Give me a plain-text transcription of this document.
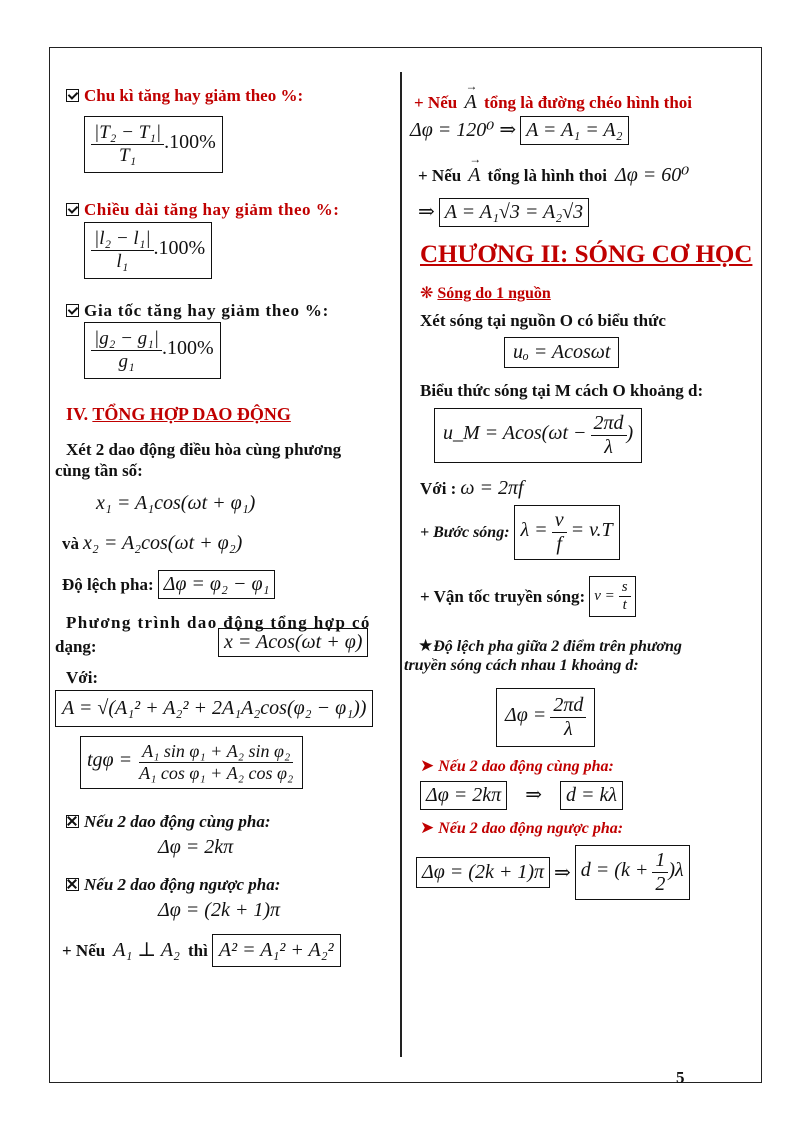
Chu kì tăng hay giảm theo %:
$\frac{\text{|T₂ − T₁|}}{\text{T₁}} .100\%$
Chiều dài tăng hay giảm theo %:
$\frac{\text{|l₂ − l₁|}}{\text{l₁}} .100\%$
Gia tốc tăng hay giảm theo %:
$\frac{\text{|g₂ − g₁|}}{\text{g₁}} .100\%$
IV. TỔNG HỢP DAO ĐỘNG
Xét 2 dao động điều hòa cùng phương
cùng tần số:
x₁ = A₁cos(ωt + φ₁)
và x₂ = A₂cos(ωt + φ₂)
Độ lệch pha: Δφ = φ₂ − φ₁
Phương trình dao động tổng hợp có
dạng:	x = Acos(ωt + φ)
Với:
A = √(A₁² + A₂² + 2A₁A₂cos(φ₂ − φ₁))
$tg\varphi = \frac{\text{A₁ sin φ₁ + A₂ sin φ₂}}{\text{A₁ cos φ₁ + A₂ cos φ₂}}$
Nếu 2 dao động cùng pha:
Δφ = 2kπ
Nếu 2 dao động ngược pha:
Δφ = (2k + 1)π
+ Nếu A₁ ⊥ A₂ thì A² = A₁² + A₂²
+ Nếu → A tổng là đường chéo hình thoi
Δφ = 120⁰ ⇒ A = A₁ = A₂
+ Nếu → A tổng là hình thoi Δφ = 60⁰
⇒ A = A₁√3 = A₂√3
CHƯƠNG II: SÓNG CƠ HỌC
❋ Sóng do 1 nguồn
Xét sóng tại nguồn O có biểu thức
uₒ = Acosωt
Biểu thức sóng tại M cách O khoảng d:
u_M = $Acos(\omega t - \frac{2\pi d}{\lambda}$ )
Với : ω = 2πf
+ Bước sóng: $\lambda = \frac{v}{f} = v.T$
+ Vận tốc truyền sóng: $v = \frac{s}{t}$
★Độ lệch pha giữa 2 điểm trên phương
truyền sóng cách nhau 1 khoảng d:
$\Delta\varphi = \frac{2\pi d}{\lambda}$
➤ Nếu 2 dao động cùng pha:
Δφ = 2kπ ⇒ d = kλ
➤ Nếu 2 dao động ngược pha:
Δφ = (2k + 1)π ⇒ $d = (k + \frac{1}{2} )\lambda$
5
